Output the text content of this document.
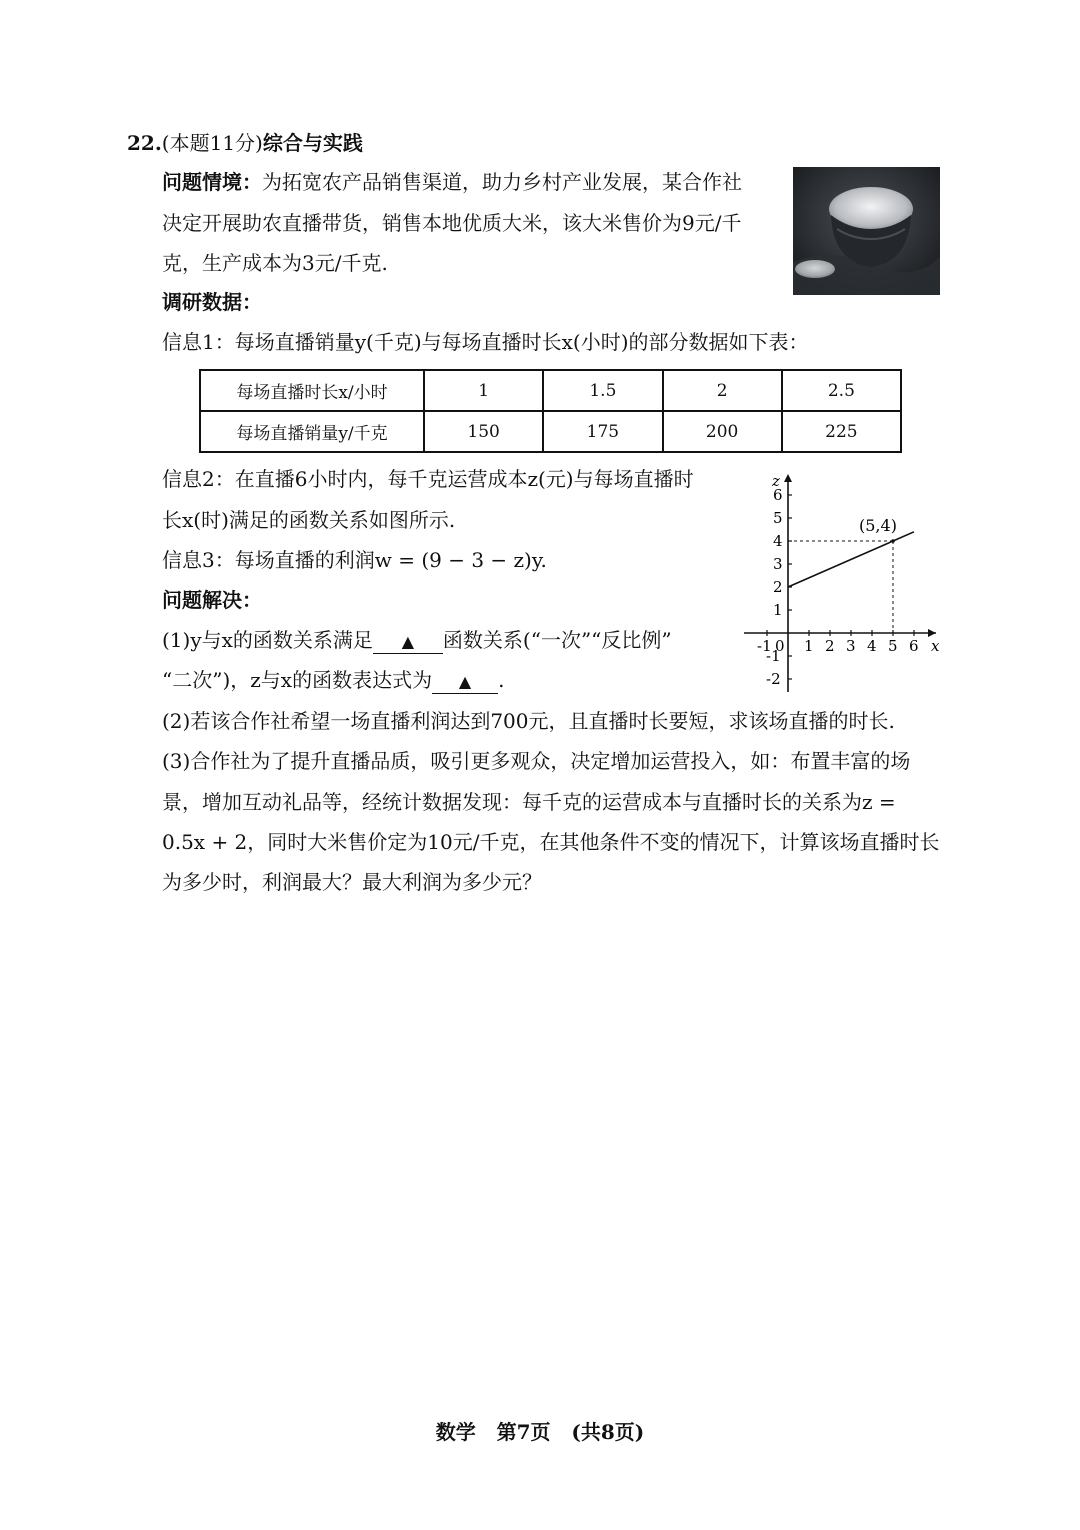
22.(本题11分)综合与实践
问题情境：为拓宽农产品销售渠道，助力乡村产业发展，某合作社
决定开展助农直播带货，销售本地优质大米，该大米售价为9元/千
克，生产成本为3元/千克.
调研数据：
信息1：每场直播销量y(千克)与每场直播时长x(小时)的部分数据如下表：
每场直播时长x/小时	1	1.5	2	2.5
每场直播销量y/千克	150	175	200	225
信息2：在直播6小时内，每千克运营成本z(元)与每场直播时
长x(时)满足的函数关系如图所示.
信息3：每场直播的利润w = (9 − 3 − z)y.
问题解决：
x
z
0
-1 1 2 3 4 5 6
-2
-1
1
2
3
4
5
6
(5,4)
(1)y与x的函数关系满足 ▲ 函数关系(“一次”“反比例”
“二次”)，z与x的函数表达式为 ▲ .
(2)若该合作社希望一场直播利润达到700元，且直播时长要短，求该场直播的时长.
(3)合作社为了提升直播品质，吸引更多观众，决定增加运营投入，如：布置丰富的场
景，增加互动礼品等，经统计数据发现：每千克的运营成本与直播时长的关系为z =
0.5x + 2，同时大米售价定为10元/千克，在其他条件不变的情况下，计算该场直播时长
为多少时，利润最大？最大利润为多少元？
数学 第7页 (共8页)
